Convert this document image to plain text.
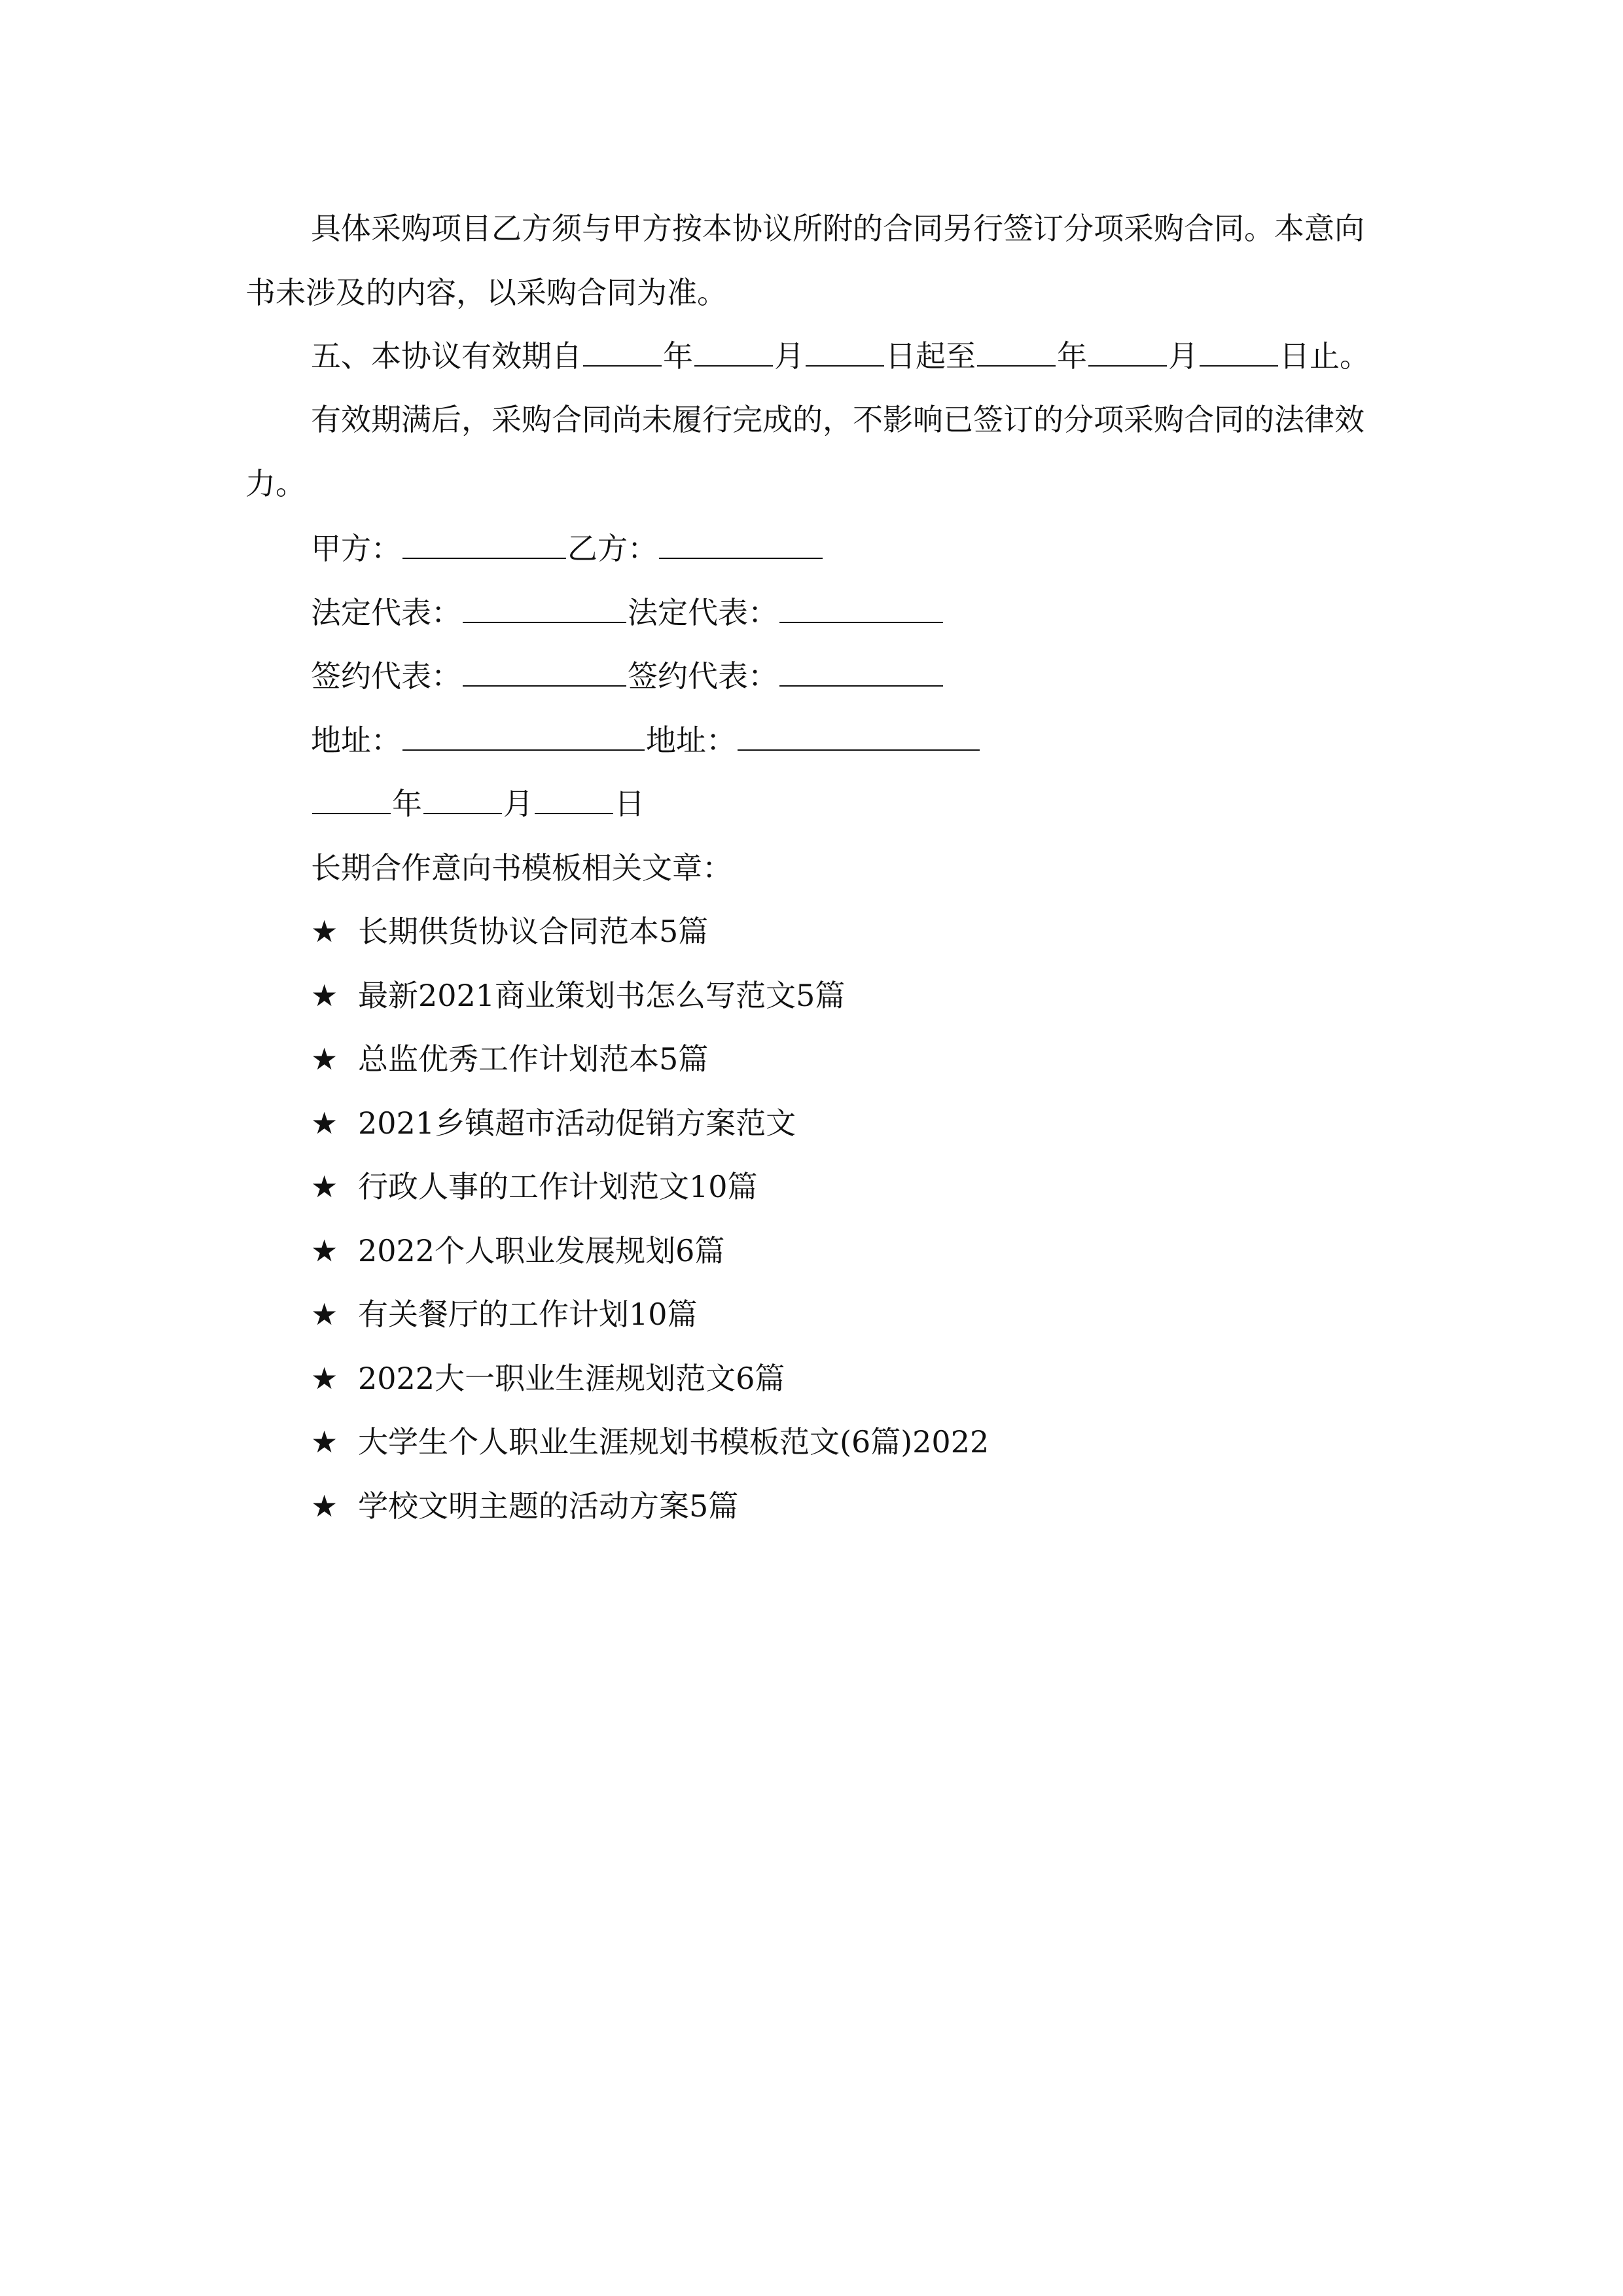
具体采购项目乙方须与甲方按本协议所附的合同另行签订分项采购合同。本意向书未涉及的内容，以采购合同为准。

五、本协议有效期自	年	月	日起至	年	月	日止。

有效期满后，采购合同尚未履行完成的，不影响已签订的分项采购合同的法律效力。

甲方：	乙方：
法定代表：	法定代表：
签约代表：	签约代表：
地址：	地址：
年	月	日
长期合作意向书模板相关文章：
★ 长期供货协议合同范本5篇
★ 最新2021商业策划书怎么写范文5篇
★ 总监优秀工作计划范本5篇
★ 2021乡镇超市活动促销方案范文
★ 行政人事的工作计划范文10篇
★ 2022个人职业发展规划6篇
★ 有关餐厅的工作计划10篇
★ 2022大一职业生涯规划范文6篇
★ 大学生个人职业生涯规划书模板范文(6篇)2022
★ 学校文明主题的活动方案5篇
